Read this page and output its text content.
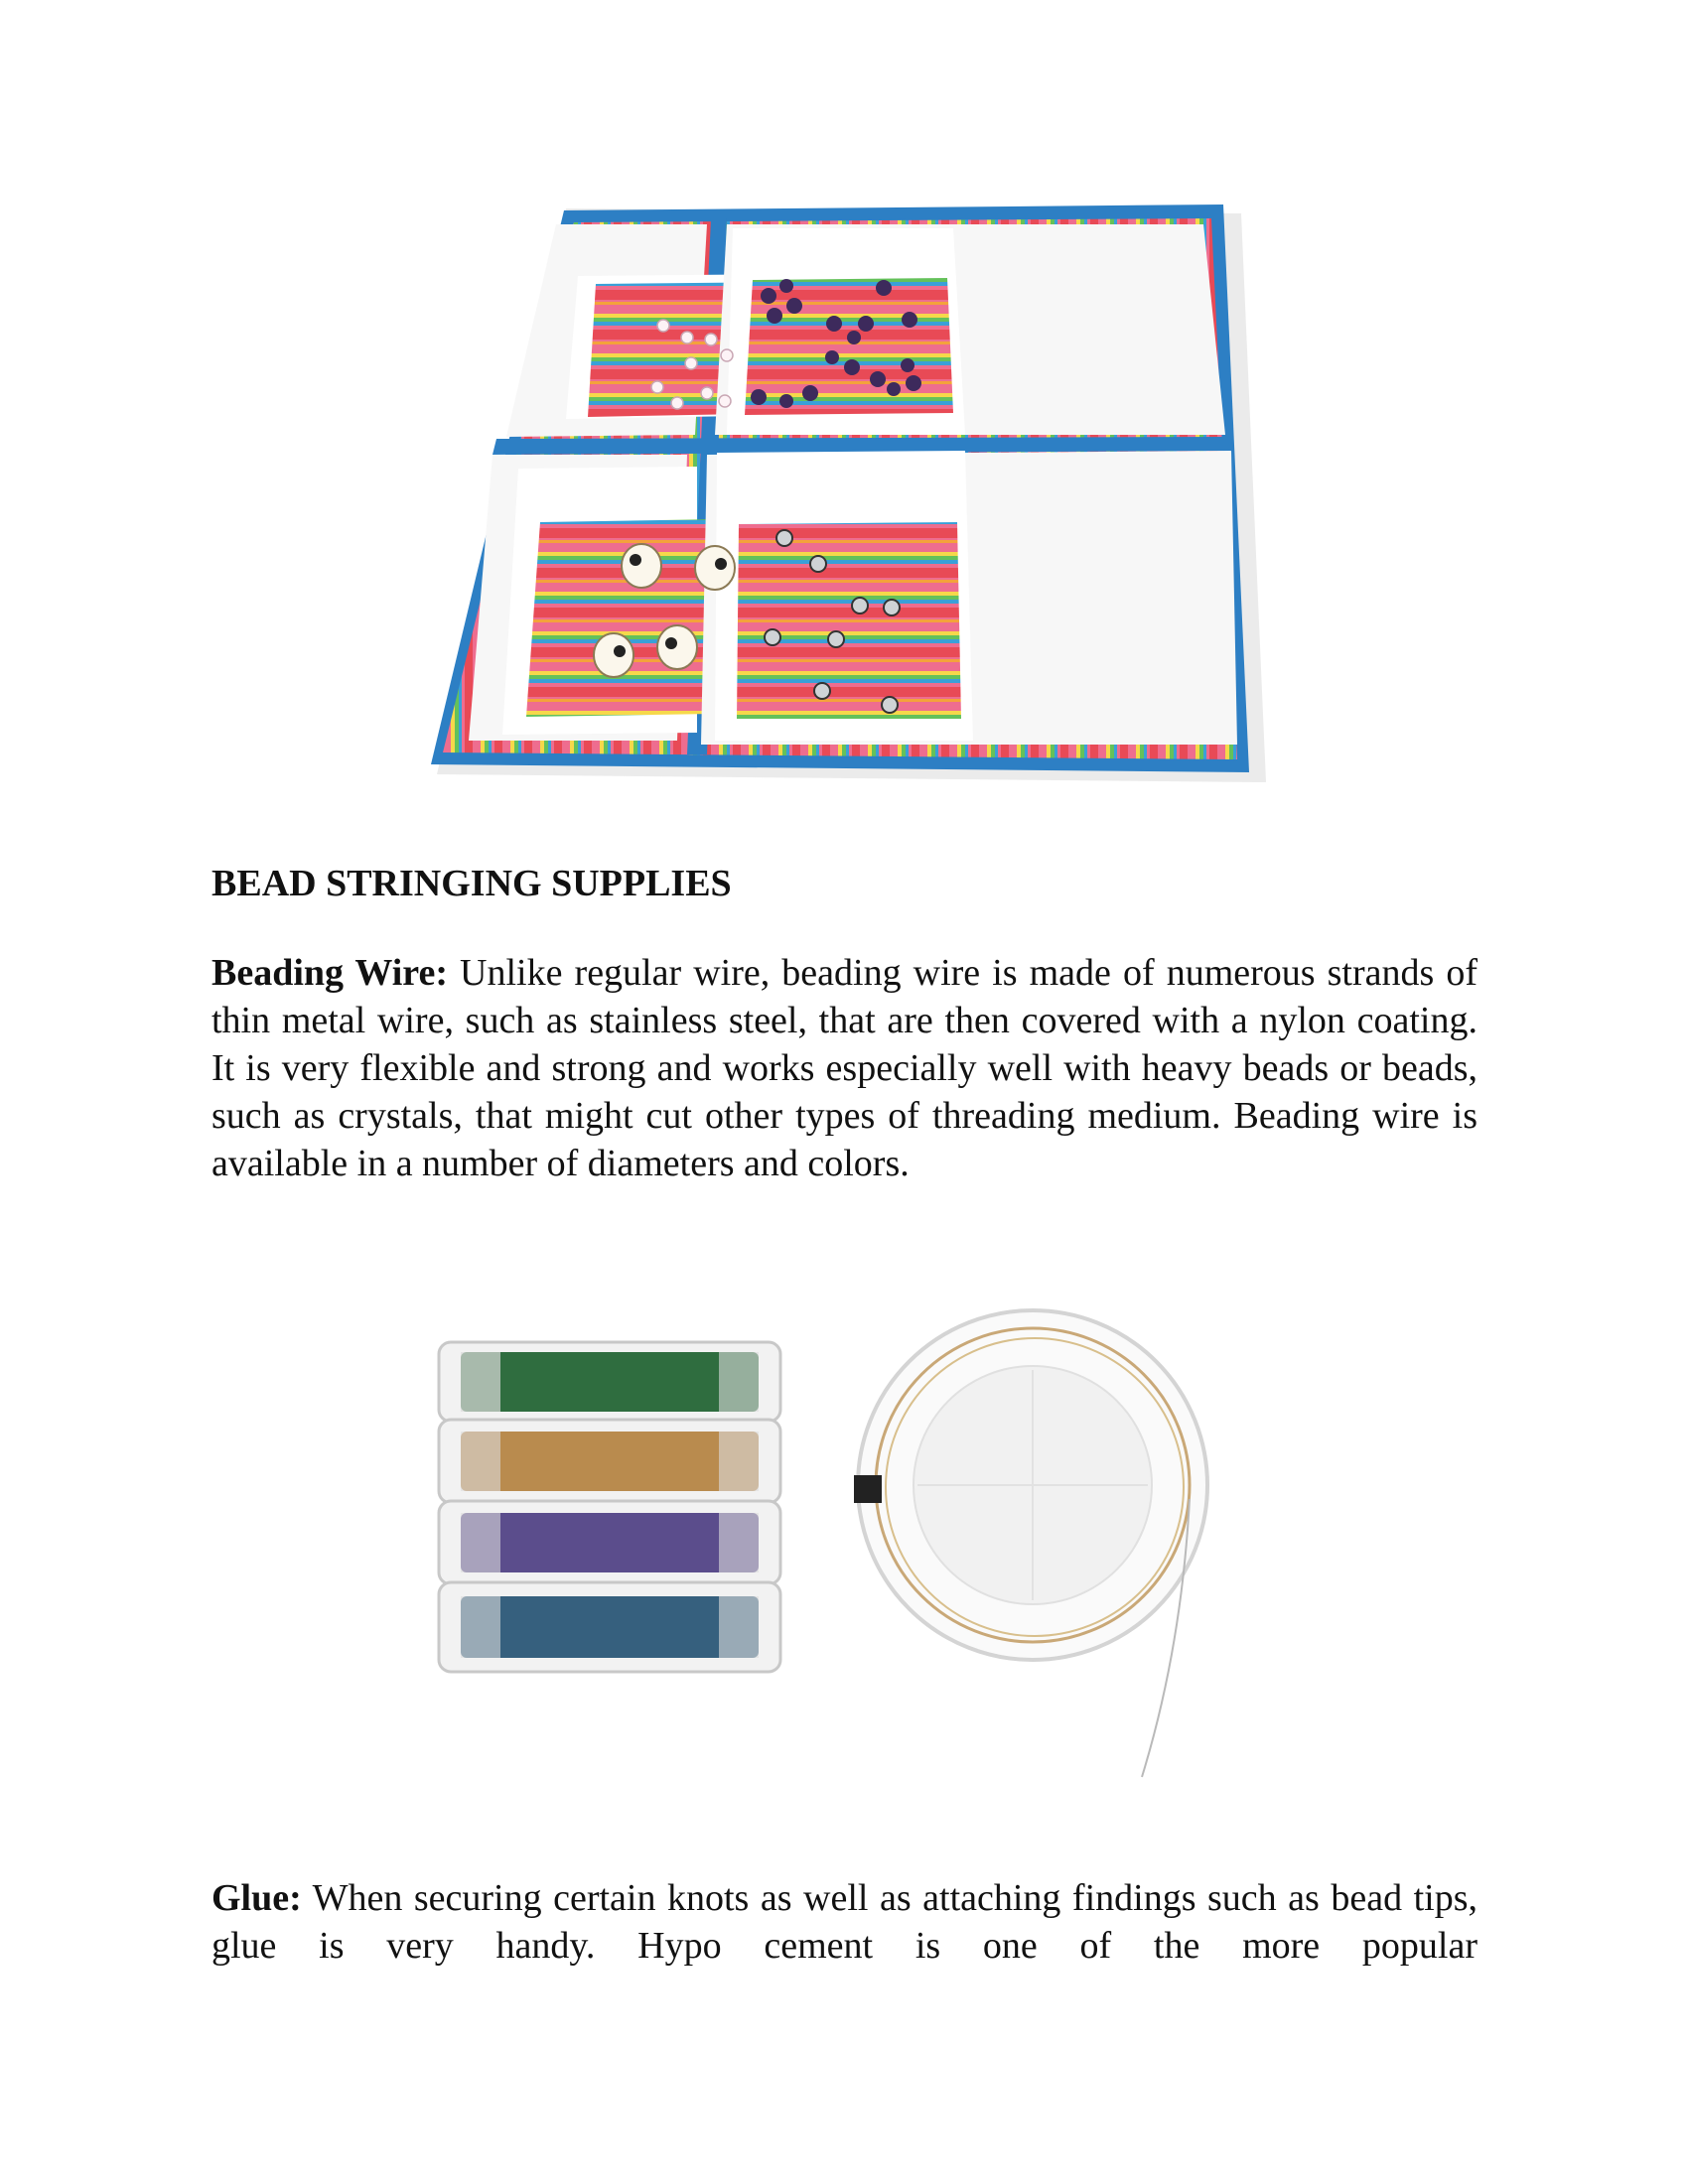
BEAD STRINGING SUPPLIES
Beading Wire: Unlike regular wire, beading wire is made of numerous strands of thin metal wire, such as stainless steel, that are then covered with a nylon coating. It is very flexible and strong and works especially well with heavy beads or beads, such as crystals, that might cut other types of threading medium. Beading wire is available in a number of diameters and colors.
Glue: When securing certain knots as well as attaching findings such as bead tips, glue is very handy. Hypo cement is one of the more popular
